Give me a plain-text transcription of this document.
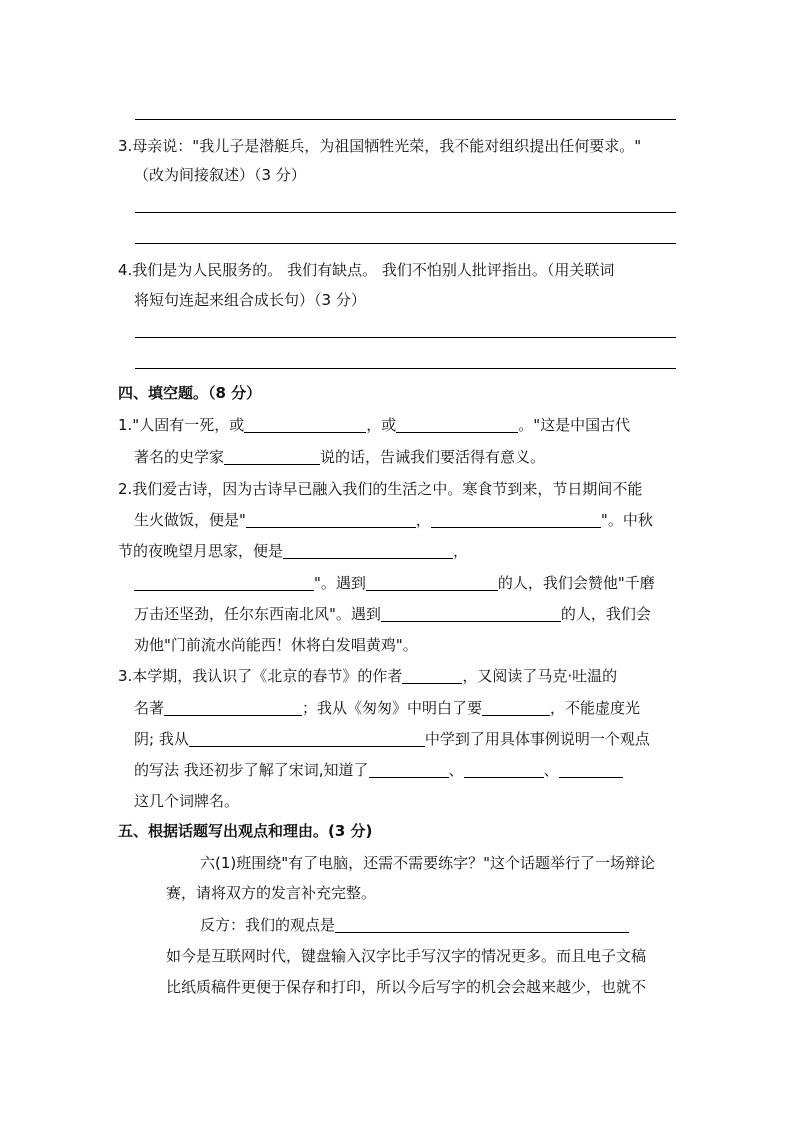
3.母亲说："我儿子是潜艇兵，为祖国牺牲光荣，我不能对组织提出任何要求。"
（改为间接叙述）（3 分）
4.我们是为人民服务的。 我们有缺点。 我们不怕别人批评指出。（用关联词
将短句连起来组合成长句）（3 分）
四、填空题。（8 分）
1."人固有一死，或	，或	。"这是中国古代
著名的史学家	说的话，告诫我们要活得有意义。
2.我们爱古诗，因为古诗早已融入我们的生活之中。寒食节到来，节日期间不能
生火做饭，便是"	，	"。中秋
节的夜晚望月思家，便是	，
"。遇到	的人，我们会赞他"千磨
万击还坚劲，任尔东西南北风"。遇到	的人，我们会
劝他"门前流水尚能西！休将白发唱黄鸡"。
3.本学期，我认识了《北京的春节》的作者	，又阅读了马克·吐温的
名著	；我从《匆匆》中明白了要	，不能虚度光
阴; 我从	中学到了用具体事例说明一个观点
的写法 我还初步了解了宋词,知道了	、	、
这几个词牌名。
五、根据话题写出观点和理由。(3 分)
六(1)班围绕"有了电脑，还需不需要练字？"这个话题举行了一场辩论
赛，请将双方的发言补充完整。
反方：我们的观点是
如今是互联网时代，键盘输入汉字比手写汉字的情况更多。而且电子文稿
比纸质稿件更便于保存和打印，所以今后写字的机会会越来越少，也就不
